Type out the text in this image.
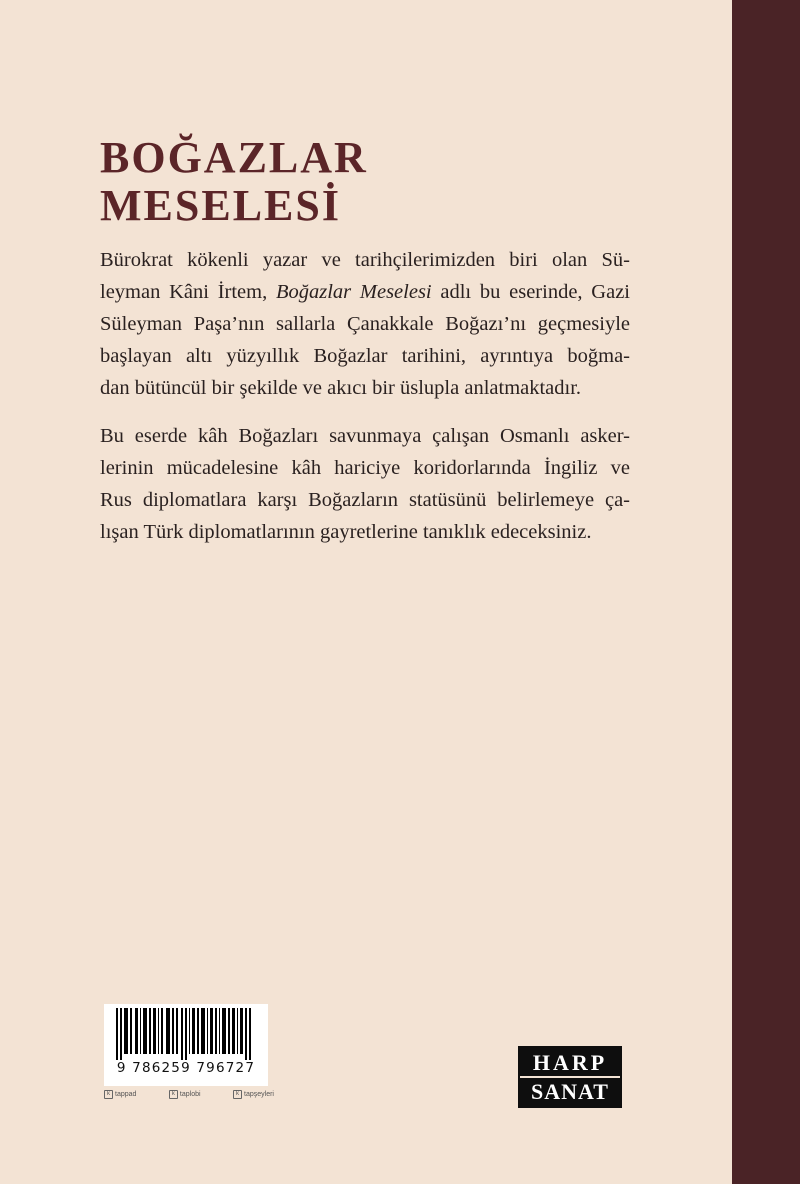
BOĞAZLAR
MESELESİ
Bürokrat kökenli yazar ve tarihçilerimizden biri olan Sü-
leyman Kâni İrtem, Boğazlar Meselesi adlı bu eserinde, Gazi
Süleyman Paşa’nın sallarla Çanakkale Boğazı’nı geçmesiyle
başlayan altı yüzyıllık Boğazlar tarihini, ayrıntıya boğma-
dan bütüncül bir şekilde ve akıcı bir üslupla anlatmaktadır.
Bu eserde kâh Boğazları savunmaya çalışan Osmanlı asker-
lerinin mücadelesine kâh hariciye koridorlarında İngiliz ve
Rus diplomatlara karşı Boğazların statüsünü belirlemeye ça-
lışan Türk diplomatlarının gayretlerine tanıklık edeceksiniz.
9 786259 796727
k tappad	k taplobi	k tapşeyleri
HARP
SANAT
